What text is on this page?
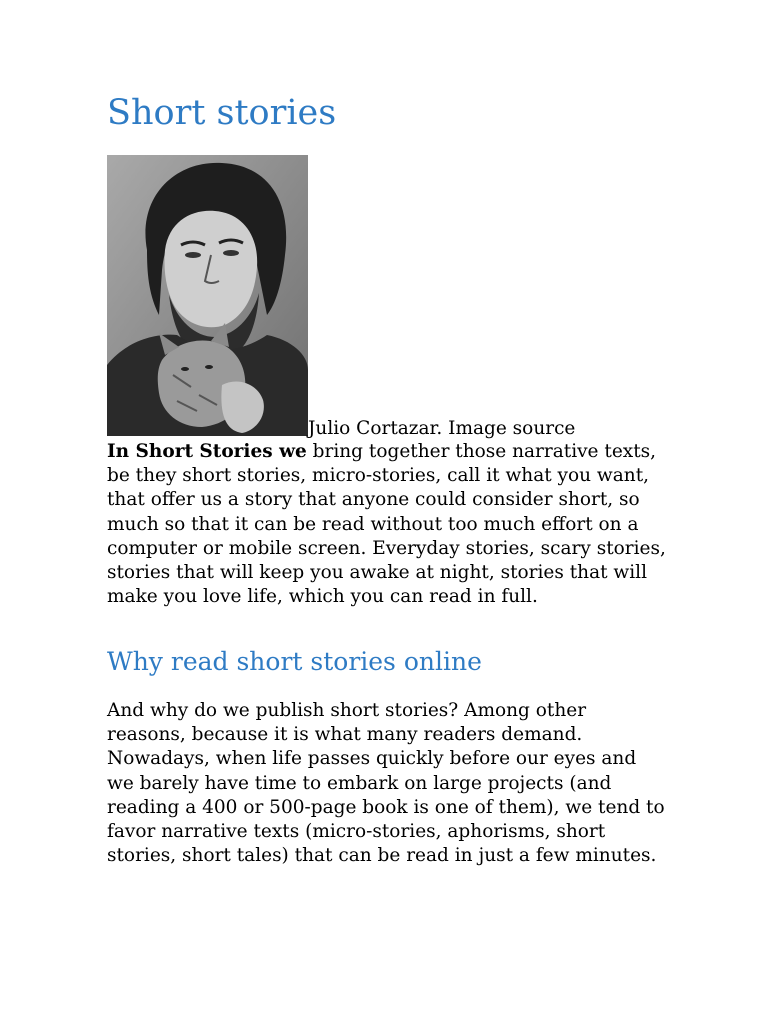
Short stories
Julio Cortazar. Image source

In Short Stories we bring together those narrative texts, be they short stories, micro-stories, call it what you want, that offer us a story that anyone could consider short, so much so that it can be read without too much effort on a computer or mobile screen. Everyday stories, scary stories, stories that will keep you awake at night, stories that will make you love life, which you can read in full.

Why read short stories online

And why do we publish short stories? Among other reasons, because it is what many readers demand. Nowadays, when life passes quickly before our eyes and we barely have time to embark on large projects (and reading a 400 or 500-page book is one of them), we tend to favor narrative texts (micro-stories, aphorisms, short stories, short tales) that can be read in just a few minutes.
